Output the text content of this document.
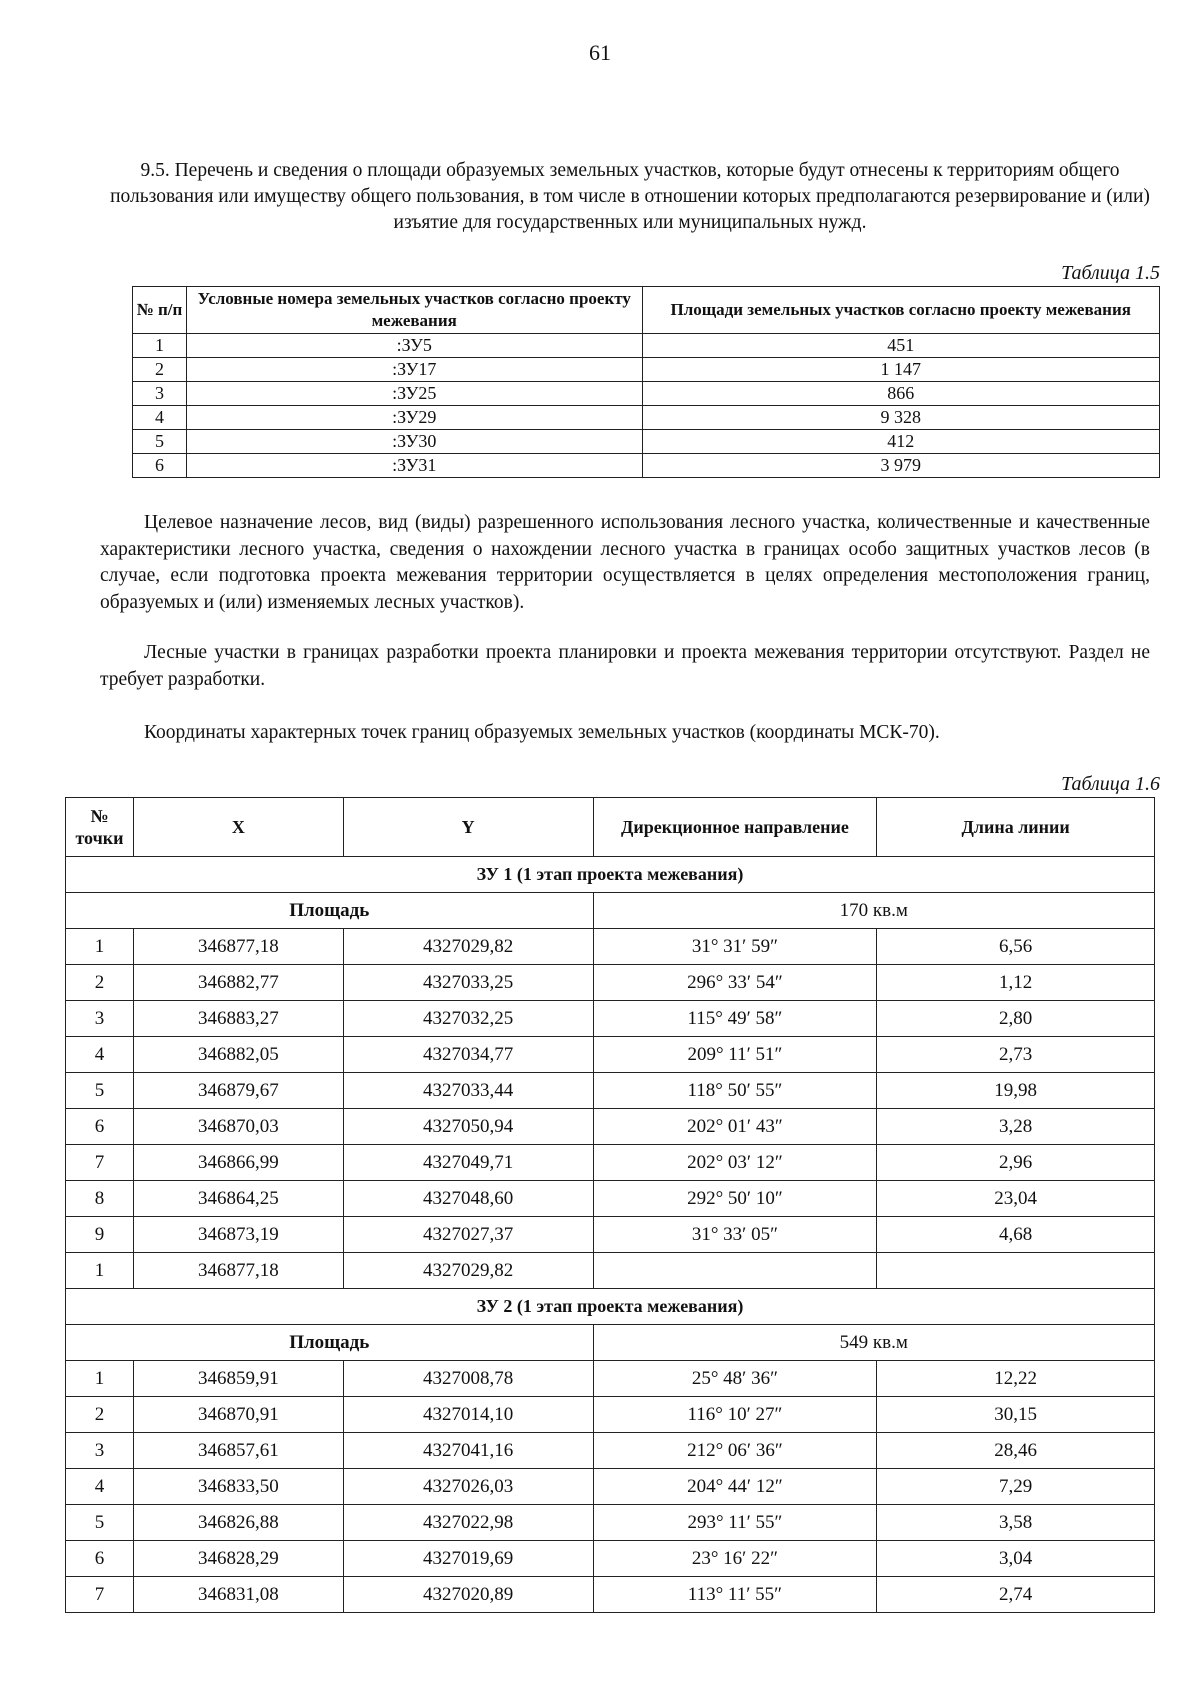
61
9.5. Перечень и сведения о площади образуемых земельных участков, которые будут отнесены к территориям общего пользования или имуществу общего пользования, в том числе в отношении которых предполагаются резервирование и (или) изъятие для государственных или муниципальных нужд.
Таблица 1.5
№ п/п	Условные номера земельных участков согласно проекту межевания	Площади земельных участков согласно проекту межевания
1	:ЗУ5	451
2	:ЗУ17	1 147
3	:ЗУ25	866
4	:ЗУ29	9 328
5	:ЗУ30	412
6	:ЗУ31	3 979
Целевое назначение лесов, вид (виды) разрешенного использования лесного участка, количественные и качественные характеристики лесного участка, сведения о нахождении лесного участка в границах особо защитных участков лесов (в случае, если подготовка проекта межевания территории осуществляется в целях определения местоположения границ, образуемых и (или) изменяемых лесных участков).
Лесные участки в границах разработки проекта планировки и проекта межевания территории отсутствуют. Раздел не требует разработки.
Координаты характерных точек границ образуемых земельных участков (координаты МСК-70).
Таблица 1.6
№ точки	X	Y	Дирекционное направление	Длина линии
ЗУ 1 (1 этап проекта межевания)				
Площадь			170 кв.м	
1	346877,18	4327029,82	31° 31′ 59″	6,56
2	346882,77	4327033,25	296° 33′ 54″	1,12
3	346883,27	4327032,25	115° 49′ 58″	2,80
4	346882,05	4327034,77	209° 11′ 51″	2,73
5	346879,67	4327033,44	118° 50′ 55″	19,98
6	346870,03	4327050,94	202° 01′ 43″	3,28
7	346866,99	4327049,71	202° 03′ 12″	2,96
8	346864,25	4327048,60	292° 50′ 10″	23,04
9	346873,19	4327027,37	31° 33′ 05″	4,68
1	346877,18	4327029,82		
ЗУ 2 (1 этап проекта межевания)				
Площадь			549 кв.м	
1	346859,91	4327008,78	25° 48′ 36″	12,22
2	346870,91	4327014,10	116° 10′ 27″	30,15
3	346857,61	4327041,16	212° 06′ 36″	28,46
4	346833,50	4327026,03	204° 44′ 12″	7,29
5	346826,88	4327022,98	293° 11′ 55″	3,58
6	346828,29	4327019,69	23° 16′ 22″	3,04
7	346831,08	4327020,89	113° 11′ 55″	2,74
